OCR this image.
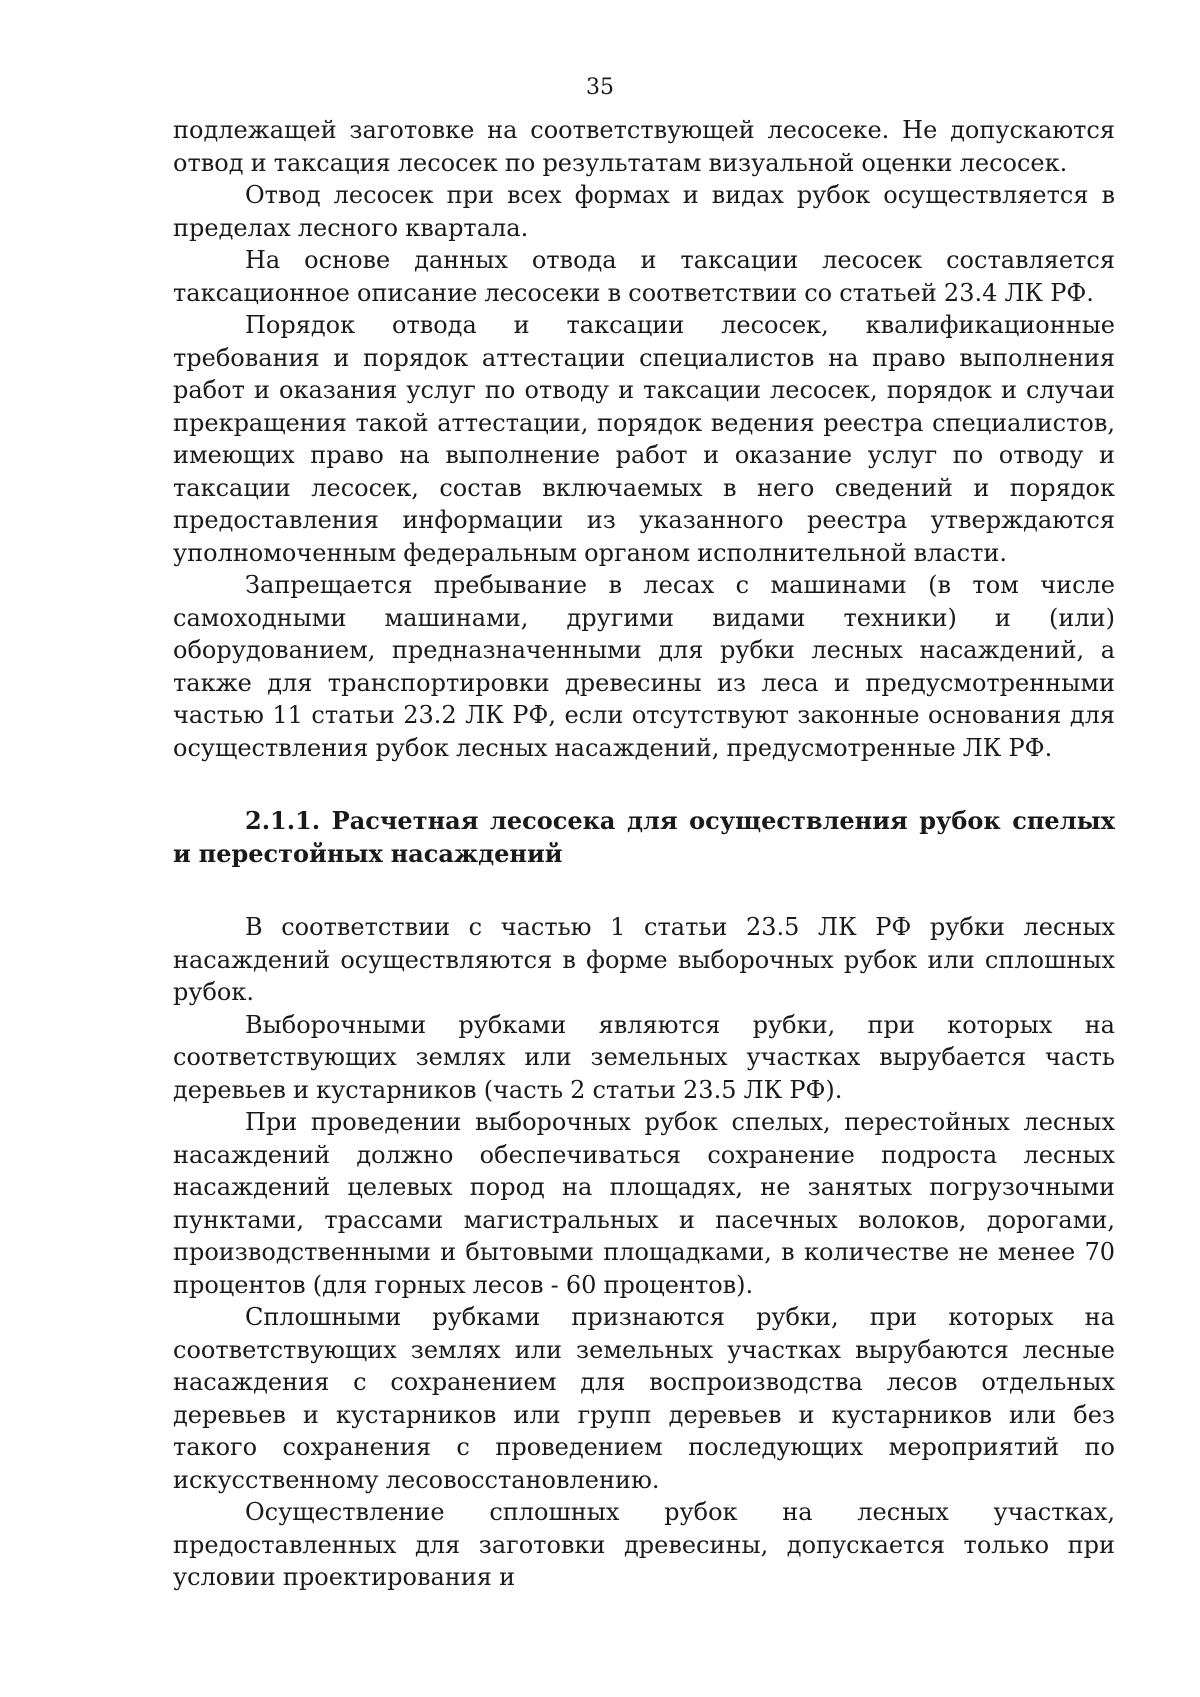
35

подлежащей заготовке на соответствующей лесосеке. Не допускаются отвод и таксация лесосек по результатам визуальной оценки лесосек.

Отвод лесосек при всех формах и видах рубок осуществляется в пределах лесного квартала.

На основе данных отвода и таксации лесосек составляется таксационное описание лесосеки в соответствии со статьей 23.4 ЛК РФ.

Порядок отвода и таксации лесосек, квалификационные требования и порядок аттестации специалистов на право выполнения работ и оказания услуг по отводу и таксации лесосек, порядок и случаи прекращения такой аттестации, порядок ведения реестра специалистов, имеющих право на выполнение работ и оказание услуг по отводу и таксации лесосек, состав включаемых в него сведений и порядок предоставления информации из указанного реестра утверждаются уполномоченным федеральным органом исполнительной власти.

Запрещается пребывание в лесах с машинами (в том числе самоходными машинами, другими видами техники) и (или) оборудованием, предназначенными для рубки лесных насаждений, а также для транспортировки древесины из леса и предусмотренными частью 11 статьи 23.2 ЛК РФ, если отсутствуют законные основания для осуществления рубок лесных насаждений, предусмотренные ЛК РФ.

2.1.1. Расчетная лесосека для осуществления рубок спелых и перестойных насаждений

В соответствии с частью 1 статьи 23.5 ЛК РФ рубки лесных насаждений осуществляются в форме выборочных рубок или сплошных рубок.

Выборочными рубками являются рубки, при которых на соответствующих землях или земельных участках вырубается часть деревьев и кустарников (часть 2 статьи 23.5 ЛК РФ).

При проведении выборочных рубок спелых, перестойных лесных насаждений должно обеспечиваться сохранение подроста лесных насаждений целевых пород на площадях, не занятых погрузочными пунктами, трассами магистральных и пасечных волоков, дорогами, производственными и бытовыми площадками, в количестве не менее 70 процентов (для горных лесов - 60 процентов).

Сплошными рубками признаются рубки, при которых на соответствующих землях или земельных участках вырубаются лесные насаждения с сохранением для воспроизводства лесов отдельных деревьев и кустарников или групп деревьев и кустарников или без такого сохранения с проведением последующих мероприятий по искусственному лесовосстановлению.

Осуществление сплошных рубок на лесных участках, предоставленных для заготовки древесины, допускается только при условии проектирования и
